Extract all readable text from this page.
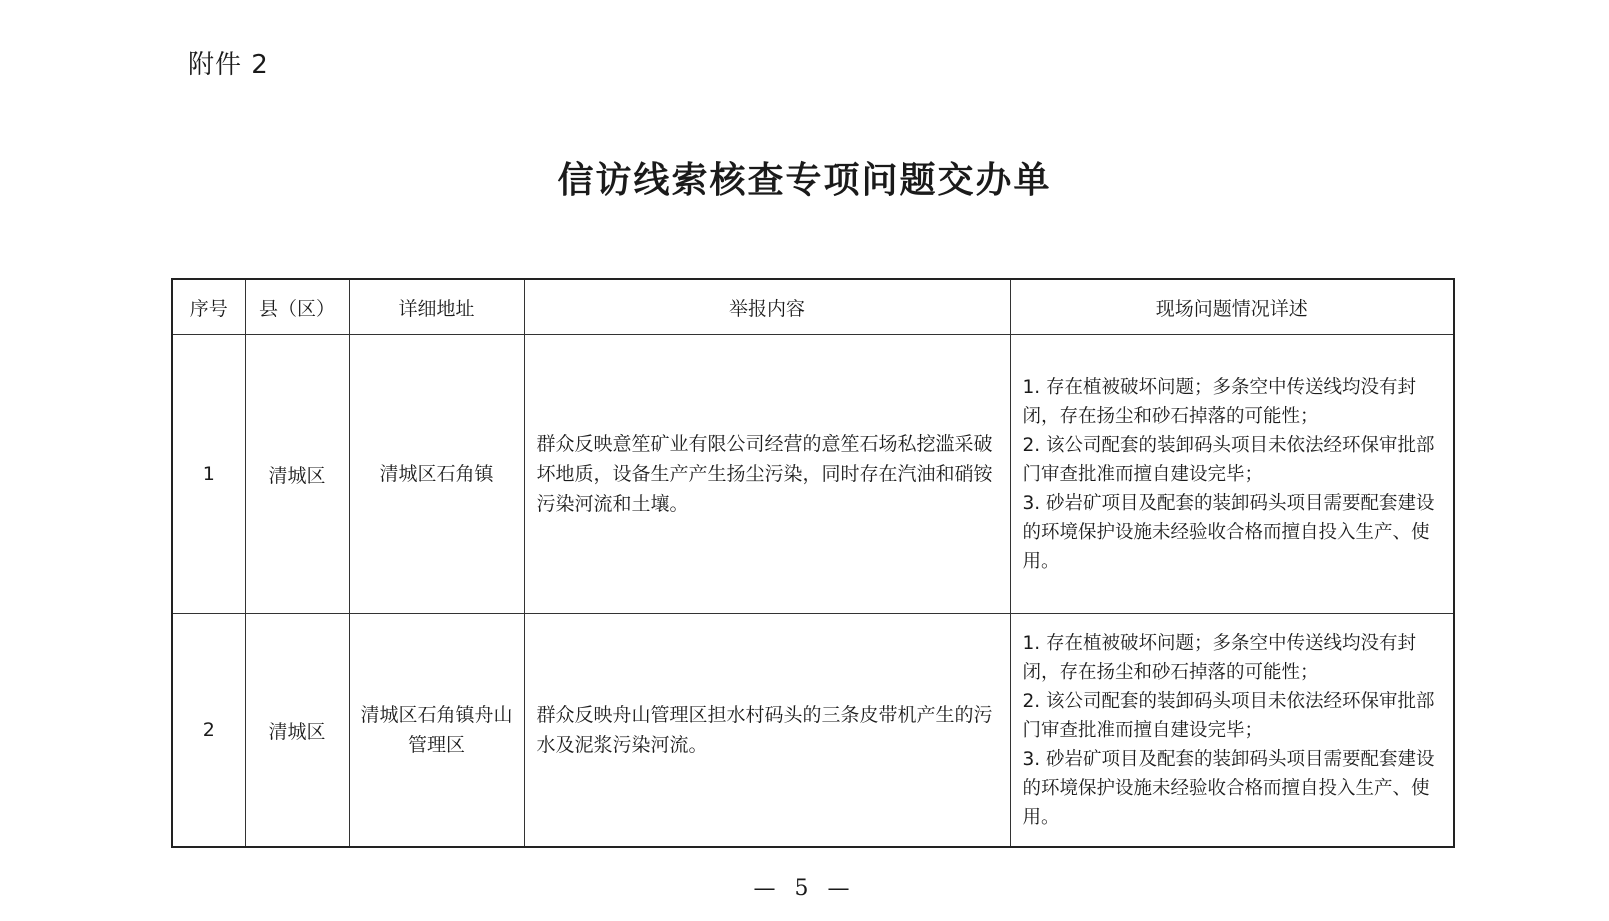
附件 2
信访线索核查专项问题交办单
序号	县（区）	详细地址	举报内容	现场问题情况详述
1	清城区	清城区石角镇	群众反映意笙矿业有限公司经营的意笙石场私挖滥采破坏地质，设备生产产生扬尘污染，同时存在汽油和硝铵污染河流和土壤。	1. 存在植被破坏问题；多条空中传送线均没有封闭，存在扬尘和砂石掉落的可能性；
2. 该公司配套的装卸码头项目未依法经环保审批部门审查批准而擅自建设完毕；
3. 砂岩矿项目及配套的装卸码头项目需要配套建设的环境保护设施未经验收合格而擅自投入生产、使用。

2	清城区	清城区石角镇舟山管理区	群众反映舟山管理区担水村码头的三条皮带机产生的污水及泥浆污染河流。	1. 存在植被破坏问题；多条空中传送线均没有封闭，存在扬尘和砂石掉落的可能性；
2. 该公司配套的装卸码头项目未依法经环保审批部门审查批准而擅自建设完毕；
3. 砂岩矿项目及配套的装卸码头项目需要配套建设的环境保护设施未经验收合格而擅自投入生产、使用。
— 5 —
